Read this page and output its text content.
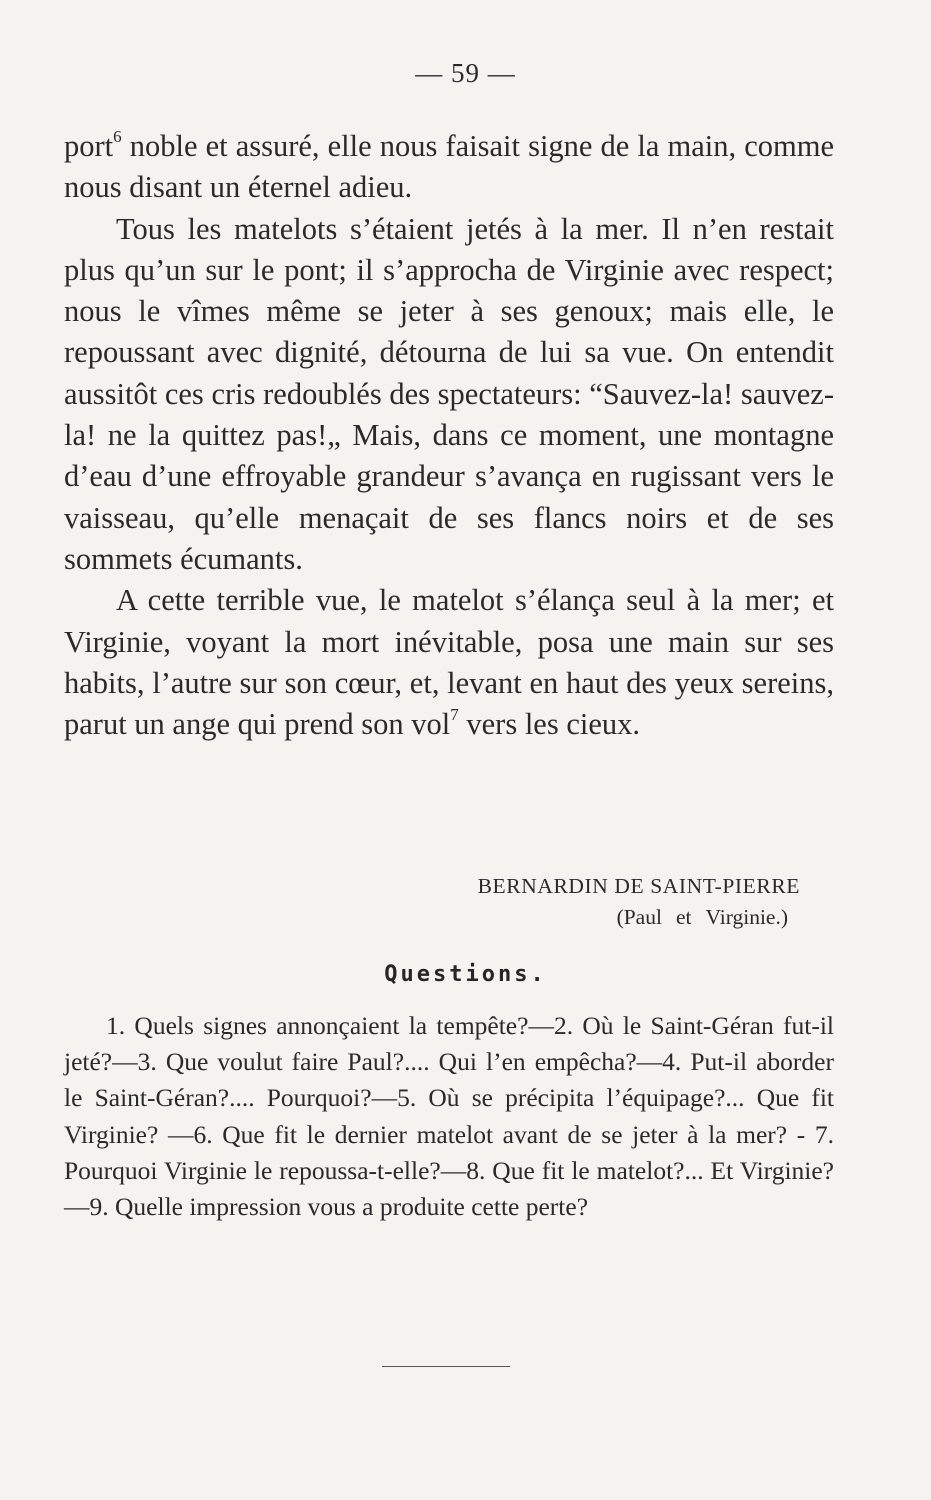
— 59 —

port$^6$ noble et assuré, elle nous faisait signe de la main, comme nous disant un éternel adieu.

Tous les matelots s’étaient jetés à la mer. Il n’en restait plus qu’un sur le pont; il s’approcha de Virginie avec respect; nous le vîmes même se jeter à ses genoux; mais elle, le repoussant avec dignité, détourna de lui sa vue. On entendit aussitôt ces cris redoublés des spectateurs: “Sauvez-la! sauvez-la! ne la quittez pas!„ Mais, dans ce moment, une montagne d’eau d’une effroyable grandeur s’avança en rugissant vers le vaisseau, qu’elle menaçait de ses flancs noirs et de ses sommets écumants.

A cette terrible vue, le matelot s’élança seul à la mer; et Virginie, voyant la mort inévitable, posa une main sur ses habits, l’autre sur son cœur, et, levant en haut des yeux sereins, parut un ange qui prend son vol$^7$ vers les cieux.

BERNARDIN DE SAINT-PIERRE
(Paul et Virginie.)
Questions.

1. Quels signes annonçaient la tempête?—2. Où le Saint-Géran fut-il jeté?—3. Que voulut faire Paul?.... Qui l’en empêcha?—4. Put-il aborder le Saint-Géran?.... Pourquoi?—5. Où se précipita l’équipage?... Que fit Virginie? —6. Que fit le dernier matelot avant de se jeter à la mer? - 7. Pourquoi Virginie le repoussa-t-elle?—8. Que fit le matelot?... Et Virginie?—9. Quelle impression vous a produite cette perte?
